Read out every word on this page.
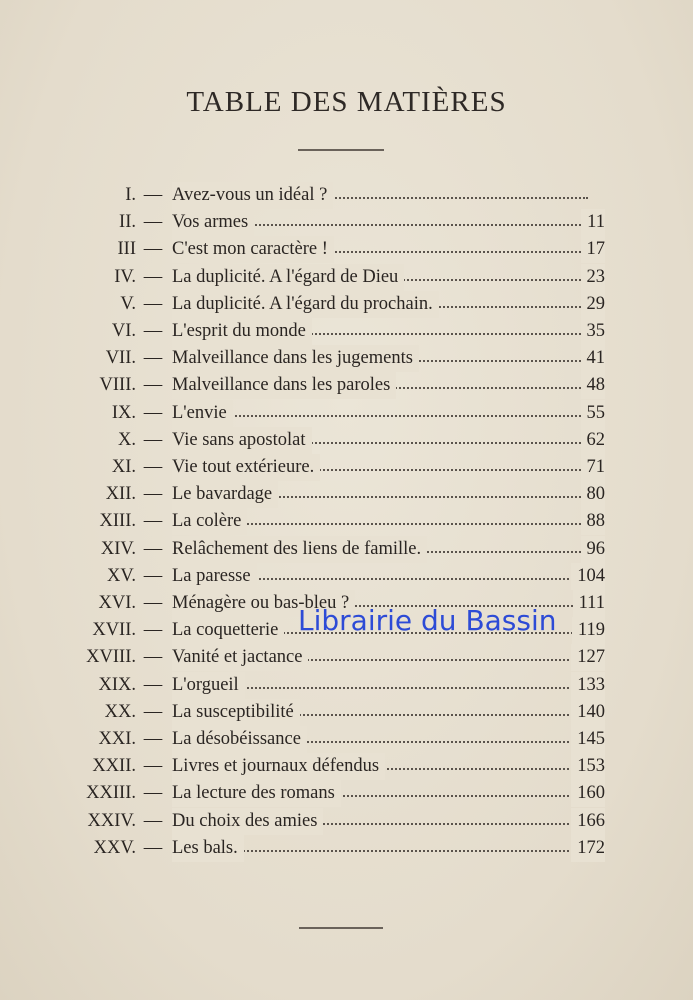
TABLE DES MATIÈRES
I. — Avez-vous un idéal ?
II. — Vos armes	11
III — C'est mon caractère !	17
IV. — La duplicité. A l'égard de Dieu	23
V. — La duplicité. A l'égard du prochain.	29
VI. — L'esprit du monde	35
VII. — Malveillance dans les jugements	41
VIII. — Malveillance dans les paroles	48
IX. — L'envie	55
X. — Vie sans apostolat	62
XI. — Vie tout extérieure.	71
XII. — Le bavardage	80
XIII. — La colère	88
XIV. — Relâchement des liens de famille.	96
XV. — La paresse	104
XVI. — Ménagère ou bas-bleu ?	111
XVII. — La coquetterie	119
XVIII. — Vanité et jactance	127
XIX. — L'orgueil	133
XX. — La susceptibilité	140
XXI. — La désobéissance	145
XXII. — Livres et journaux défendus	153
XXIII. — La lecture des romans	160
XXIV. — Du choix des amies	166
XXV. — Les bals.	172
Librairie du Bassin
